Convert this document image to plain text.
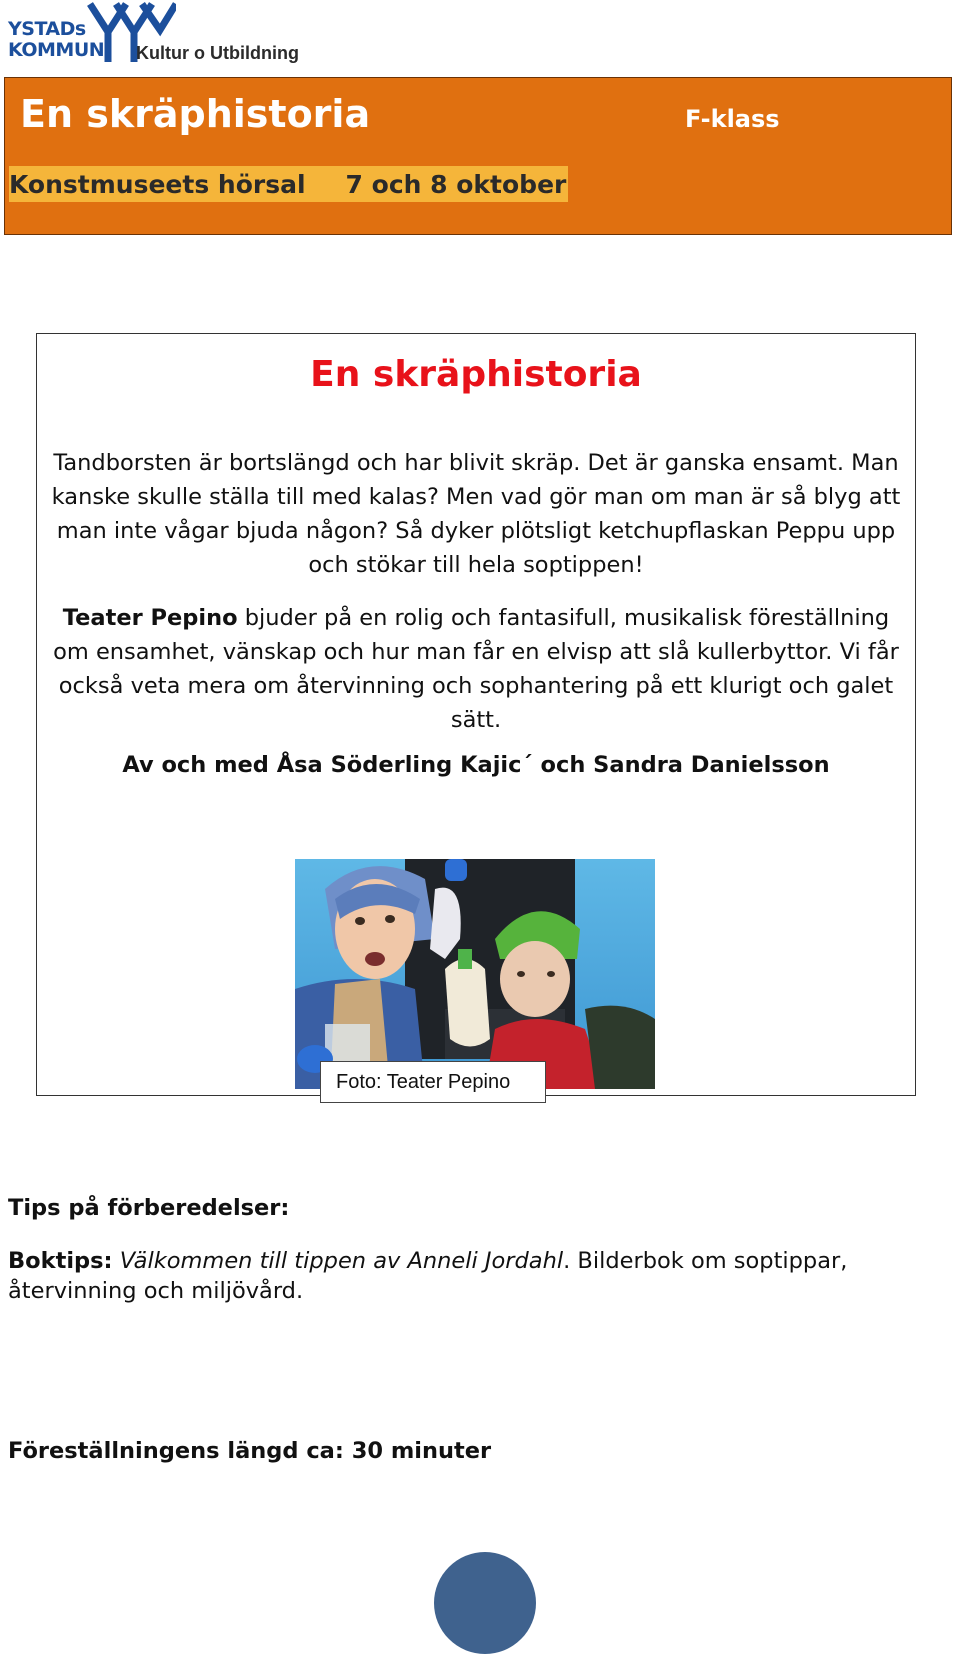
YSTADs
KOMMUN Kultur o Utbildning
En skräphistoria	F-klass
Konstmuseets hörsal 7 och 8 oktober
En skräphistoria
Tandborsten är bortslängd och har blivit skräp. Det är ganska ensamt. Man kanske skulle ställa till med kalas? Men vad gör man om man är så blyg att man inte vågar bjuda någon? Så dyker plötsligt ketchupflaskan Peppu upp och stökar till hela soptippen!
Teater Pepino bjuder på en rolig och fantasifull, musikalisk föreställning om ensamhet, vänskap och hur man får en elvisp att slå kullerbyttor. Vi får också veta mera om återvinning och sophantering på ett klurigt och galet sätt.
Av och med Åsa Söderling Kajic´ och Sandra Danielsson
Foto: Teater Pepino
Tips på förberedelser:
Boktips: Välkommen till tippen av Anneli Jordahl. Bilderbok om soptippar, återvinning och miljövård.
Föreställningens längd ca: 30 minuter
